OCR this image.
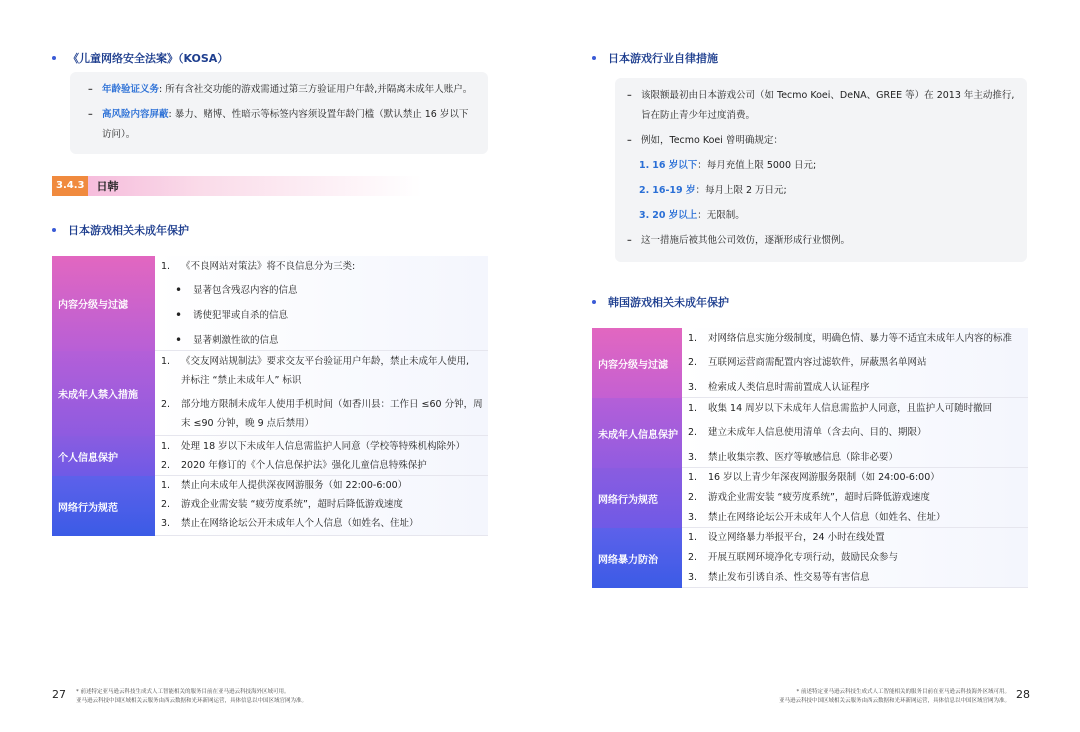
《儿童网络安全法案》（KOSA）
– 年龄验证义务: 所有含社交功能的游戏需通过第三方验证用户年龄,并隔离未成年人账户。
– 高风险内容屏蔽: 暴力、赌博、性暗示等标签内容须设置年龄门槛（默认禁止 16 岁以下
访问）。
3.4.3	日韩
日本游戏相关未成年保护
内容分级与过滤
1.	《不良网站对策法》将不良信息分为三类:
•	显著包含残忍内容的信息
•	诱使犯罪或自杀的信息
•	显著刺激性欲的信息
未成年人禁入措施
1.	《交友网站规制法》要求交友平台验证用户年龄，禁止未成年人使用,
并标注 “禁止未成年人” 标识
2.	部分地方限制未成年人使用手机时间（如香川县：工作日 ≤60 分钟，周
末 ≤90 分钟，晚 9 点后禁用）
个人信息保护
1.	处理 18 岁以下未成年人信息需监护人同意（学校等特殊机构除外）
2.	2020 年修订的《个人信息保护法》强化儿童信息特殊保护
网络行为规范
1.	禁止向未成年人提供深夜网游服务（如 22:00-6:00）
2.	游戏企业需安装 “疲劳度系统”，超时后降低游戏速度
3.	禁止在网络论坛公开未成年人个人信息（如姓名、住址）
27 * 前述特定亚马逊云科技生成式人工智能相关的服务目前在亚马逊云科技海外区域可用。
亚马逊云科技中国区域相关云服务由西云数据和光环新网运营，具体信息以中国区域官网为准。
日本游戏行业自律措施
– 该限额最初由日本游戏公司（如 Tecmo Koei、DeNA、GREE 等）在 2013 年主动推行,
旨在防止青少年过度消费。
– 例如，Tecmo Koei 曾明确规定：
1. 16 岁以下：每月充值上限 5000 日元;
2. 16-19 岁：每月上限 2 万日元;
3. 20 岁以上：无限制。
– 这一措施后被其他公司效仿，逐渐形成行业惯例。
韩国游戏相关未成年保护
内容分级与过滤
1.	对网络信息实施分级制度，明确色情、暴力等不适宜未成年人内容的标准
2.	互联网运营商需配置内容过滤软件，屏蔽黑名单网站
3.	检索成人类信息时需前置成人认证程序
未成年人信息保护
1.	收集 14 周岁以下未成年人信息需监护人同意，且监护人可随时撤回
2.	建立未成年人信息使用清单（含去向、目的、期限）
3.	禁止收集宗教、医疗等敏感信息（除非必要）
网络行为规范
1.	16 岁以上青少年深夜网游服务限制（如 24:00-6:00）
2.	游戏企业需安装 “疲劳度系统”，超时后降低游戏速度
3.	禁止在网络论坛公开未成年人个人信息（如姓名、住址）
网络暴力防治
1.	设立网络暴力举报平台，24 小时在线处置
2.	开展互联网环境净化专项行动，鼓励民众参与
3.	禁止发布引诱自杀、性交易等有害信息
* 前述特定亚马逊云科技生成式人工智能相关的服务目前在亚马逊云科技海外区域可用。
亚马逊云科技中国区域相关云服务由西云数据和光环新网运营，具体信息以中国区域官网为准。 28
